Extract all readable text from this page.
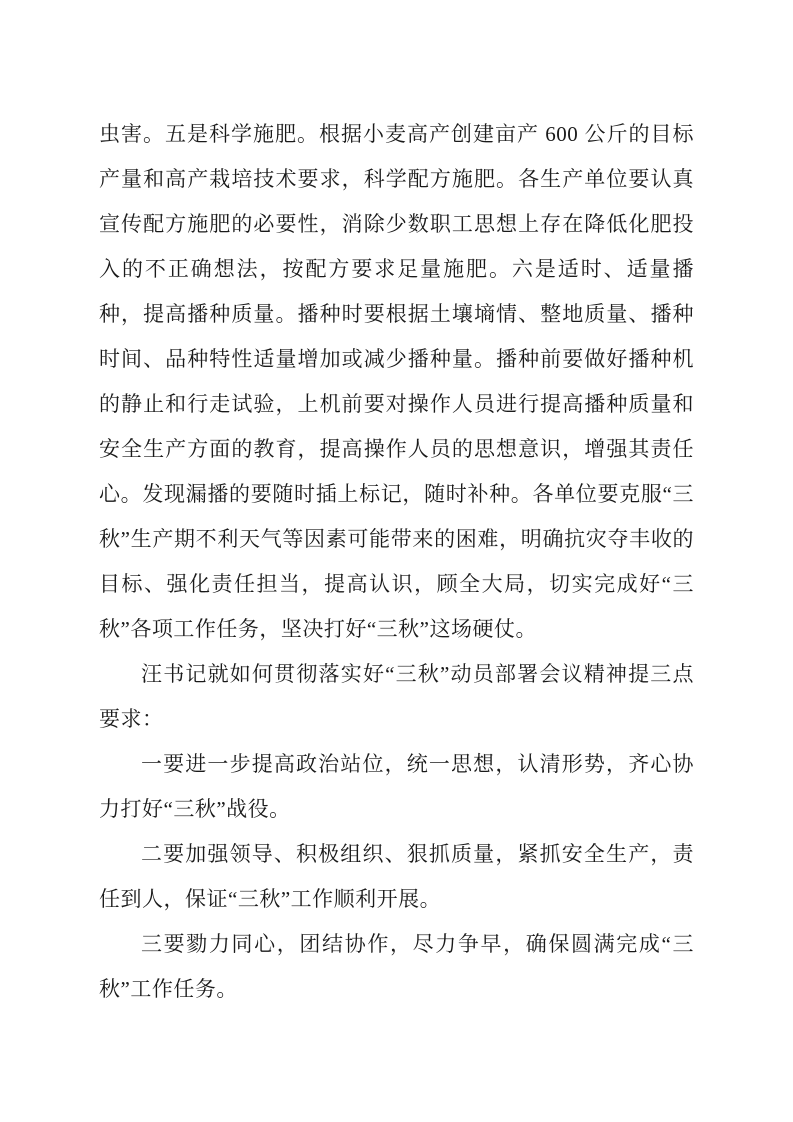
虫害。五是科学施肥。根据小麦高产创建亩产 600 公斤的目标产量和高产栽培技术要求，科学配方施肥。各生产单位要认真宣传配方施肥的必要性，消除少数职工思想上存在降低化肥投入的不正确想法，按配方要求足量施肥。六是适时、适量播种，提高播种质量。播种时要根据土壤墒情、整地质量、播种时间、品种特性适量增加或减少播种量。播种前要做好播种机的静止和行走试验，上机前要对操作人员进行提高播种质量和安全生产方面的教育，提高操作人员的思想意识，增强其责任心。发现漏播的要随时插上标记，随时补种。各单位要克服“三秋”生产期不利天气等因素可能带来的困难，明确抗灾夺丰收的目标、强化责任担当，提高认识，顾全大局，切实完成好“三秋”各项工作任务，坚决打好“三秋”这场硬仗。

汪书记就如何贯彻落实好“三秋”动员部署会议精神提三点要求：

一要进一步提高政治站位，统一思想，认清形势，齐心协力打好“三秋”战役。

二要加强领导、积极组织、狠抓质量，紧抓安全生产，责任到人，保证“三秋”工作顺利开展。

三要勠力同心，团结协作，尽力争早，确保圆满完成“三秋”工作任务。
